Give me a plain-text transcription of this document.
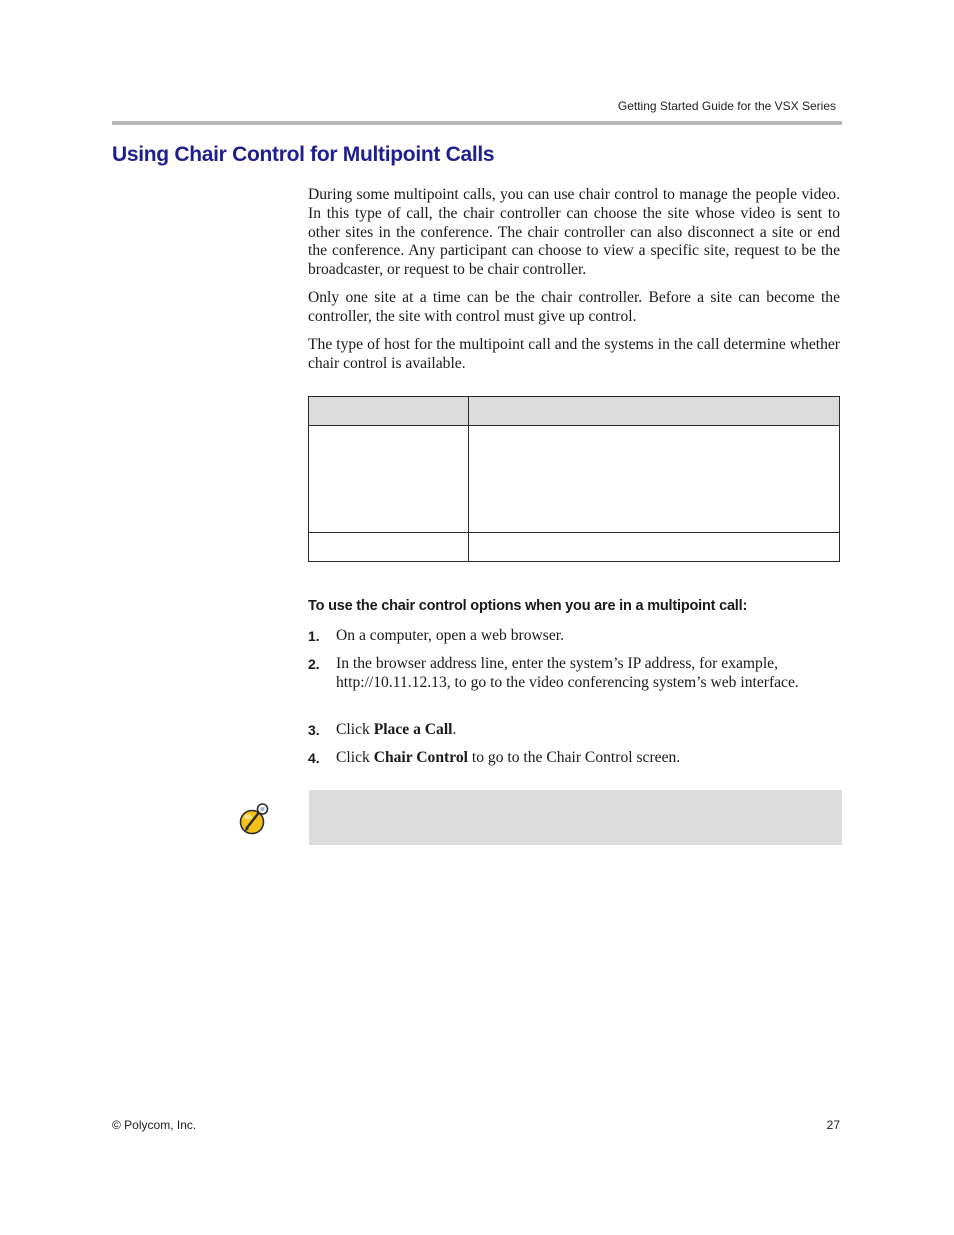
Getting Started Guide for the VSX Series
Using Chair Control for Multipoint Calls

During some multipoint calls, you can use chair control to manage the people video. In this type of call, the chair controller can choose the site whose video is sent to other sites in the conference. The chair controller can also disconnect a site or end the conference. Any participant can choose to view a specific site, request to be the broadcaster, or request to be chair controller.

Only one site at a time can be the chair controller. Before a site can become the controller, the site with control must give up control.

The type of host for the multipoint call and the systems in the call determine whether chair control is available.

To use the chair control options when you are in a multipoint call:
1. On a computer, open a web browser.
2. In the browser address line, enter the system’s IP address, for example, http://10.11.12.13, to go to the video conferencing system’s web interface.
3. Click Place a Call.
4. Click Chair Control to go to the Chair Control screen.
© Polycom, Inc.	27
